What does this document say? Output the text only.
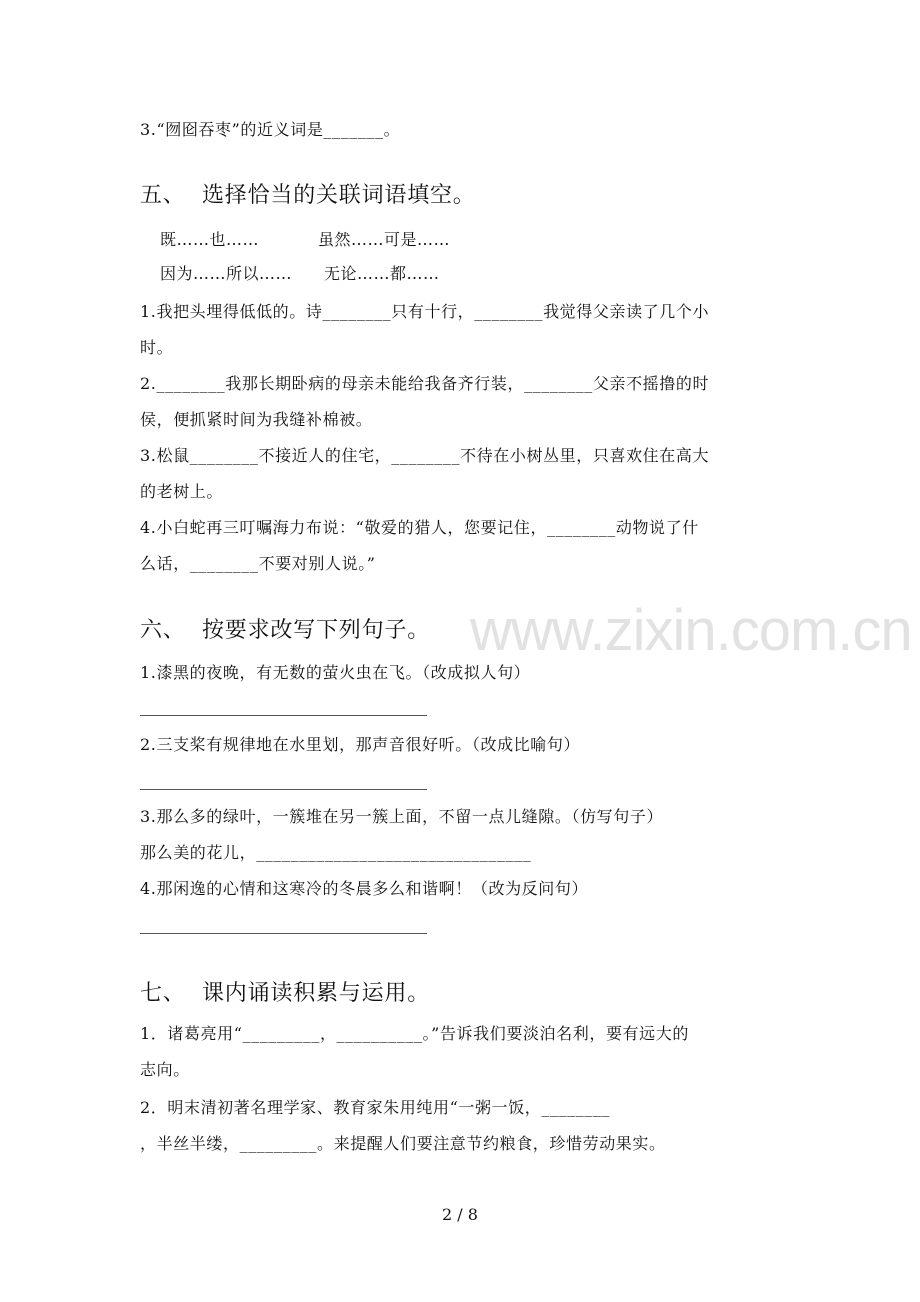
www.zixin.com.cn
3.“囫囵吞枣”的近义词是_______。
五、 选择恰当的关联词语填空。
既……也……	虽然……可是……
因为……所以…… 无论……都……
1.我把头埋得低低的。诗________只有十行，________我觉得父亲读了几个小
时。
2.________我那长期卧病的母亲未能给我备齐行装，________父亲不摇撸的时
侯，便抓紧时间为我缝补棉被。
3.松鼠________不接近人的住宅，________不待在小树丛里，只喜欢住在高大
的老树上。
4.小白蛇再三叮嘱海力布说：“敬爱的猎人，您要记住，________动物说了什
么话，________不要对别人说。”
六、 按要求改写下列句子。
1.漆黑的夜晚，有无数的萤火虫在飞。（改成拟人句）
2.三支桨有规律地在水里划，那声音很好听。（改成比喻句）
3.那么多的绿叶，一簇堆在另一簇上面，不留一点儿缝隙。（仿写句子）
那么美的花儿，________________________________
4.那闲逸的心情和这寒冷的冬晨多么和谐啊！（改为反问句）
七、 课内诵读积累与运用。
1．诸葛亮用“_________，__________。”告诉我们要淡泊名利，要有远大的
志向。
2．明末清初著名理学家、教育家朱用纯用“一粥一饭，________
，半丝半缕，_________。来提醒人们要注意节约粮食，珍惜劳动果实。
2 / 8
